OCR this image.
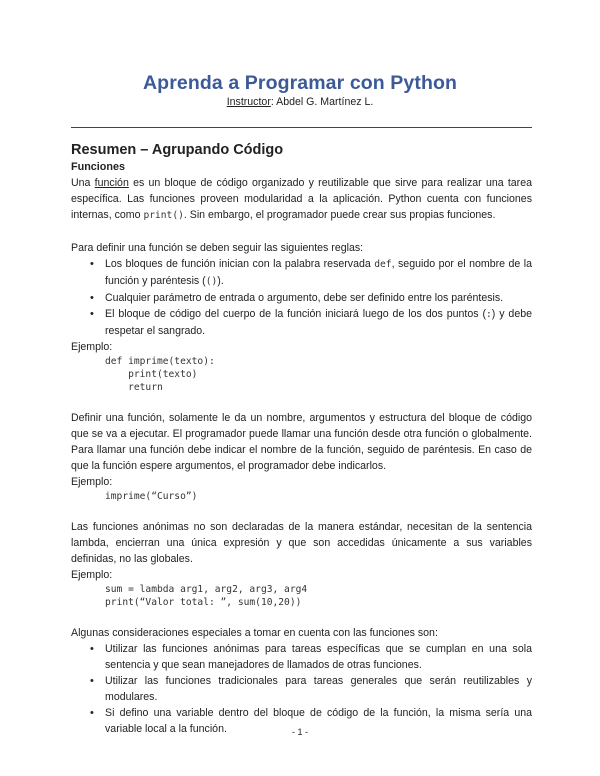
Aprenda a Programar con Python
Instructor: Abdel G. Martínez L.
Resumen – Agrupando Código
Funciones

Una función es un bloque de código organizado y reutilizable que sirve para realizar una tarea específica. Las funciones proveen modularidad a la aplicación. Python cuenta con funciones internas, como print(). Sin embargo, el programador puede crear sus propias funciones.

Para definir una función se deben seguir las siguientes reglas:

• Los bloques de función inician con la palabra reservada def, seguido por el nombre de la función y paréntesis (()).
• Cualquier parámetro de entrada o argumento, debe ser definido entre los paréntesis.
• El bloque de código del cuerpo de la función iniciará luego de los dos puntos (:) y debe respetar el sangrado.

Ejemplo:

def imprime(texto):
print(texto)
return

Definir una función, solamente le da un nombre, argumentos y estructura del bloque de código que se va a ejecutar. El programador puede llamar una función desde otra función o globalmente. Para llamar una función debe indicar el nombre de la función, seguido de paréntesis. En caso de que la función espere argumentos, el programador debe indicarlos.

Ejemplo:

imprime(“Curso”)

Las funciones anónimas no son declaradas de la manera estándar, necesitan de la sentencia lambda, encierran una única expresión y que son accedidas únicamente a sus variables definidas, no las globales.

Ejemplo:

sum = lambda arg1, arg2, arg3, arg4
print(“Valor total: ”, sum(10,20))

Algunas consideraciones especiales a tomar en cuenta con las funciones son:

• Utilizar las funciones anónimas para tareas específicas que se cumplan en una sola sentencia y que sean manejadores de llamados de otras funciones.
• Utilizar las funciones tradicionales para tareas generales que serán reutilizables y modulares.
• Si defino una variable dentro del bloque de código de la función, la misma sería una variable local a la función.	- 1 -
